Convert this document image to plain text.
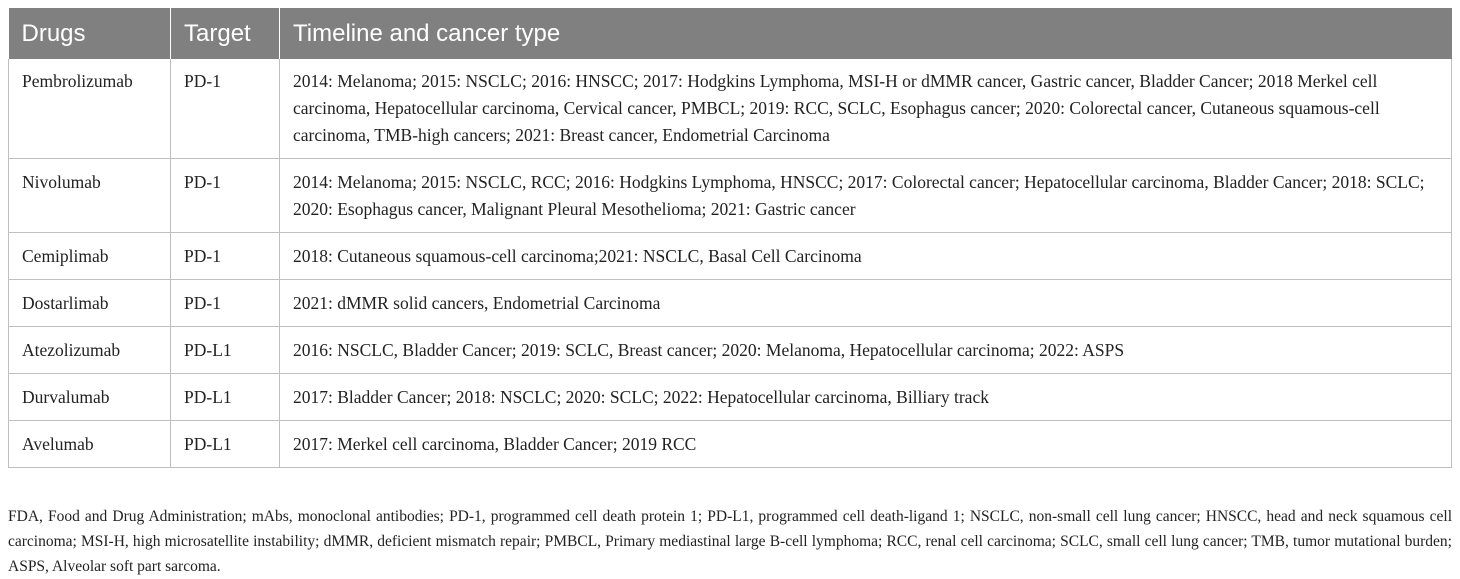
Drugs	Target	Timeline and cancer type
Pembrolizumab	PD-1	2014: Melanoma; 2015: NSCLC; 2016: HNSCC; 2017: Hodgkins Lymphoma, MSI-H or dMMR cancer, Gastric cancer, Bladder Cancer; 2018 Merkel cell carcinoma, Hepatocellular carcinoma, Cervical cancer, PMBCL; 2019: RCC, SCLC, Esophagus cancer; 2020: Colorectal cancer, Cutaneous squamous-cell carcinoma, TMB-high cancers; 2021: Breast cancer, Endometrial Carcinoma
Nivolumab	PD-1	2014: Melanoma; 2015: NSCLC, RCC; 2016: Hodgkins Lymphoma, HNSCC; 2017: Colorectal cancer; Hepatocellular carcinoma, Bladder Cancer; 2018: SCLC; 2020: Esophagus cancer, Malignant Pleural Mesothelioma; 2021: Gastric cancer
Cemiplimab	PD-1	2018: Cutaneous squamous-cell carcinoma;2021: NSCLC, Basal Cell Carcinoma
Dostarlimab	PD-1	2021: dMMR solid cancers, Endometrial Carcinoma
Atezolizumab	PD-L1	2016: NSCLC, Bladder Cancer; 2019: SCLC, Breast cancer; 2020: Melanoma, Hepatocellular carcinoma; 2022: ASPS
Durvalumab	PD-L1	2017: Bladder Cancer; 2018: NSCLC; 2020: SCLC; 2022: Hepatocellular carcinoma, Billiary track
Avelumab	PD-L1	2017: Merkel cell carcinoma, Bladder Cancer; 2019 RCC

FDA, Food and Drug Administration; mAbs, monoclonal antibodies; PD-1, programmed cell death protein 1; PD-L1, programmed cell death-ligand 1; NSCLC, non-small cell lung cancer; HNSCC, head and neck squamous cell carcinoma; MSI-H, high microsatellite instability; dMMR, deficient mismatch repair; PMBCL, Primary mediastinal large B-cell lymphoma; RCC, renal cell carcinoma; SCLC, small cell lung cancer; TMB, tumor mutational burden; ASPS, Alveolar soft part sarcoma.
